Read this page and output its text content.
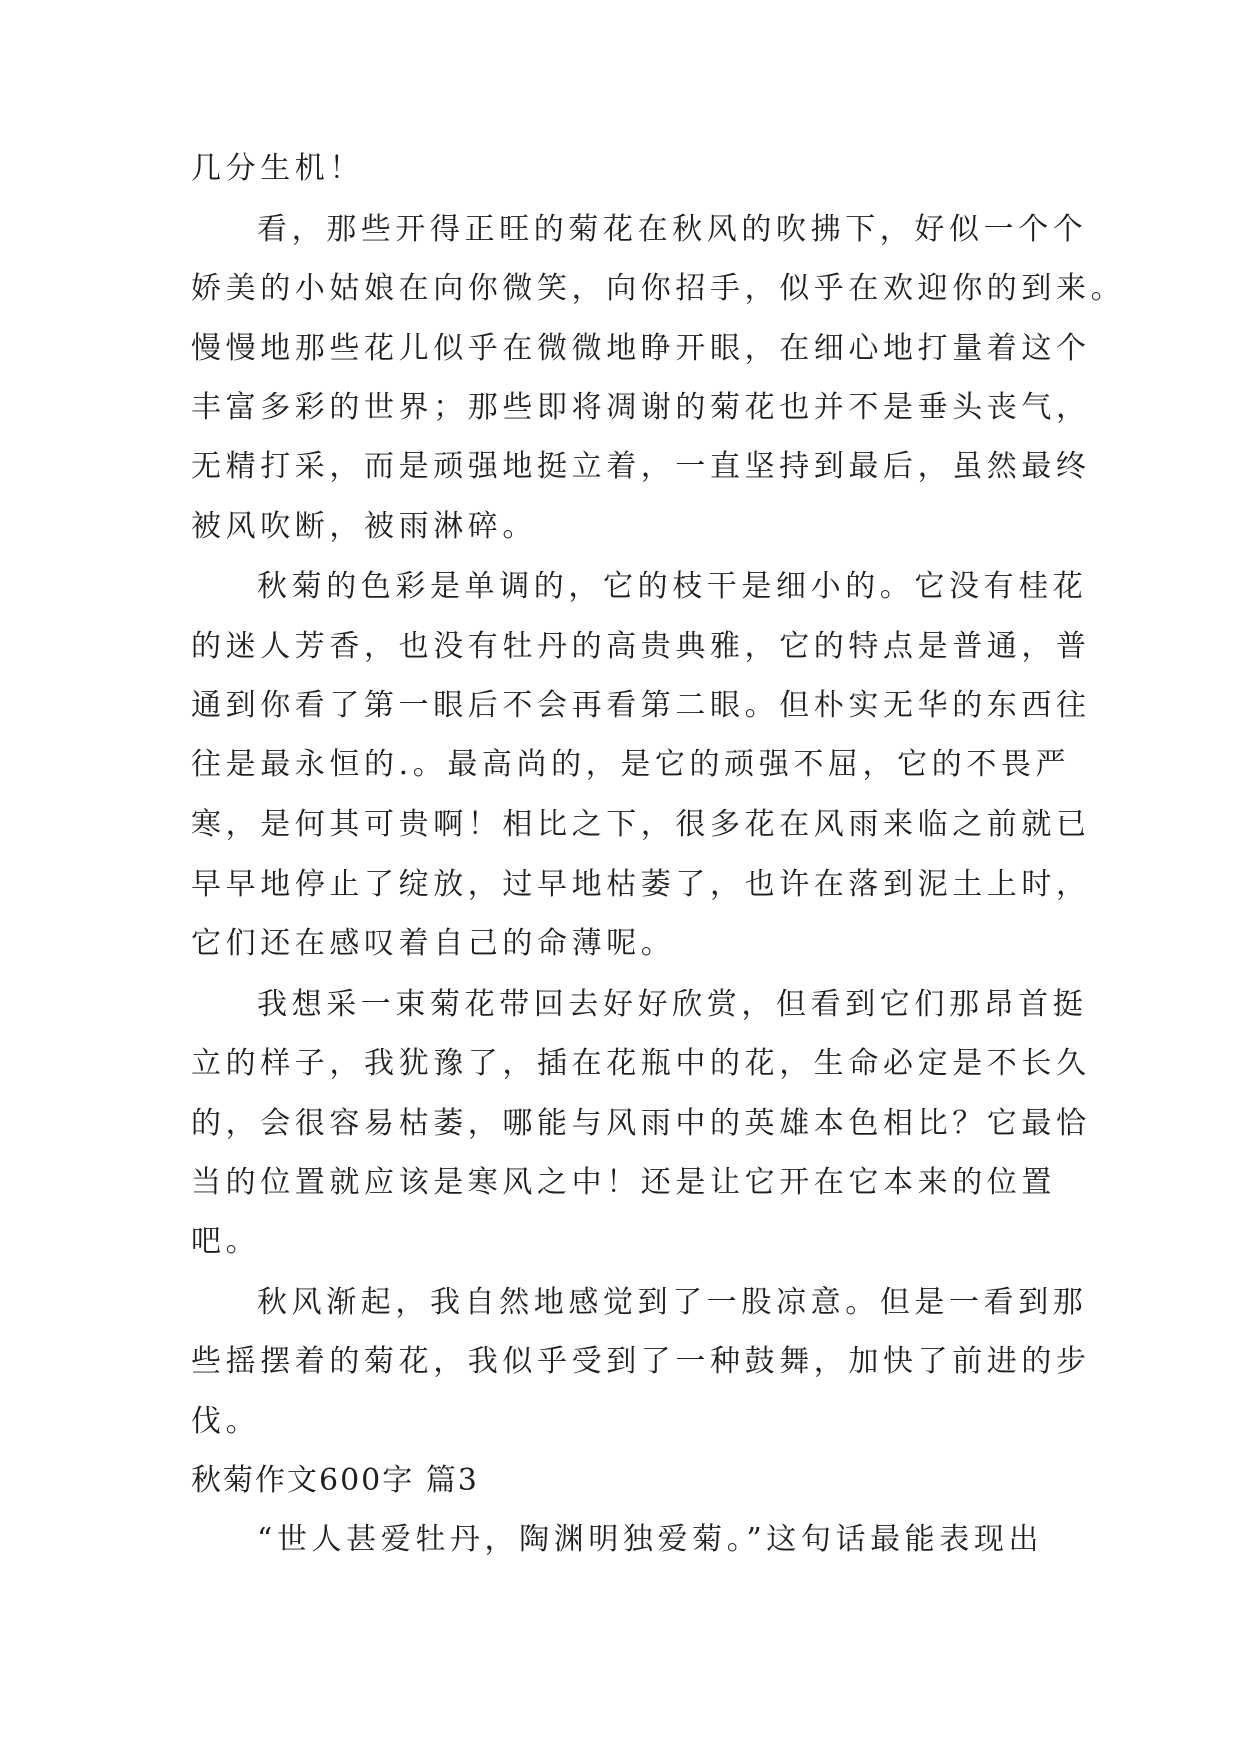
几分生机！
看，那些开得正旺的菊花在秋风的吹拂下，好似一个个
娇美的小姑娘在向你微笑，向你招手，似乎在欢迎你的到来。
慢慢地那些花儿似乎在微微地睁开眼，在细心地打量着这个
丰富多彩的世界；那些即将凋谢的菊花也并不是垂头丧气，
无精打采，而是顽强地挺立着，一直坚持到最后，虽然最终
被风吹断，被雨淋碎。
秋菊的色彩是单调的，它的枝干是细小的。它没有桂花
的迷人芳香，也没有牡丹的高贵典雅，它的特点是普通，普
通到你看了第一眼后不会再看第二眼。但朴实无华的东西往
往是最永恒的.。最高尚的，是它的顽强不屈，它的不畏严
寒，是何其可贵啊！相比之下，很多花在风雨来临之前就已
早早地停止了绽放，过早地枯萎了，也许在落到泥土上时，
它们还在感叹着自己的命薄呢。
我想采一束菊花带回去好好欣赏，但看到它们那昂首挺
立的样子，我犹豫了，插在花瓶中的花，生命必定是不长久
的，会很容易枯萎，哪能与风雨中的英雄本色相比？它最恰
当的位置就应该是寒风之中！还是让它开在它本来的位置
吧。
秋风渐起，我自然地感觉到了一股凉意。但是一看到那
些摇摆着的菊花，我似乎受到了一种鼓舞，加快了前进的步
伐。
秋菊作文600字 篇3
“世人甚爱牡丹，陶渊明独爱菊。”这句话最能表现出
